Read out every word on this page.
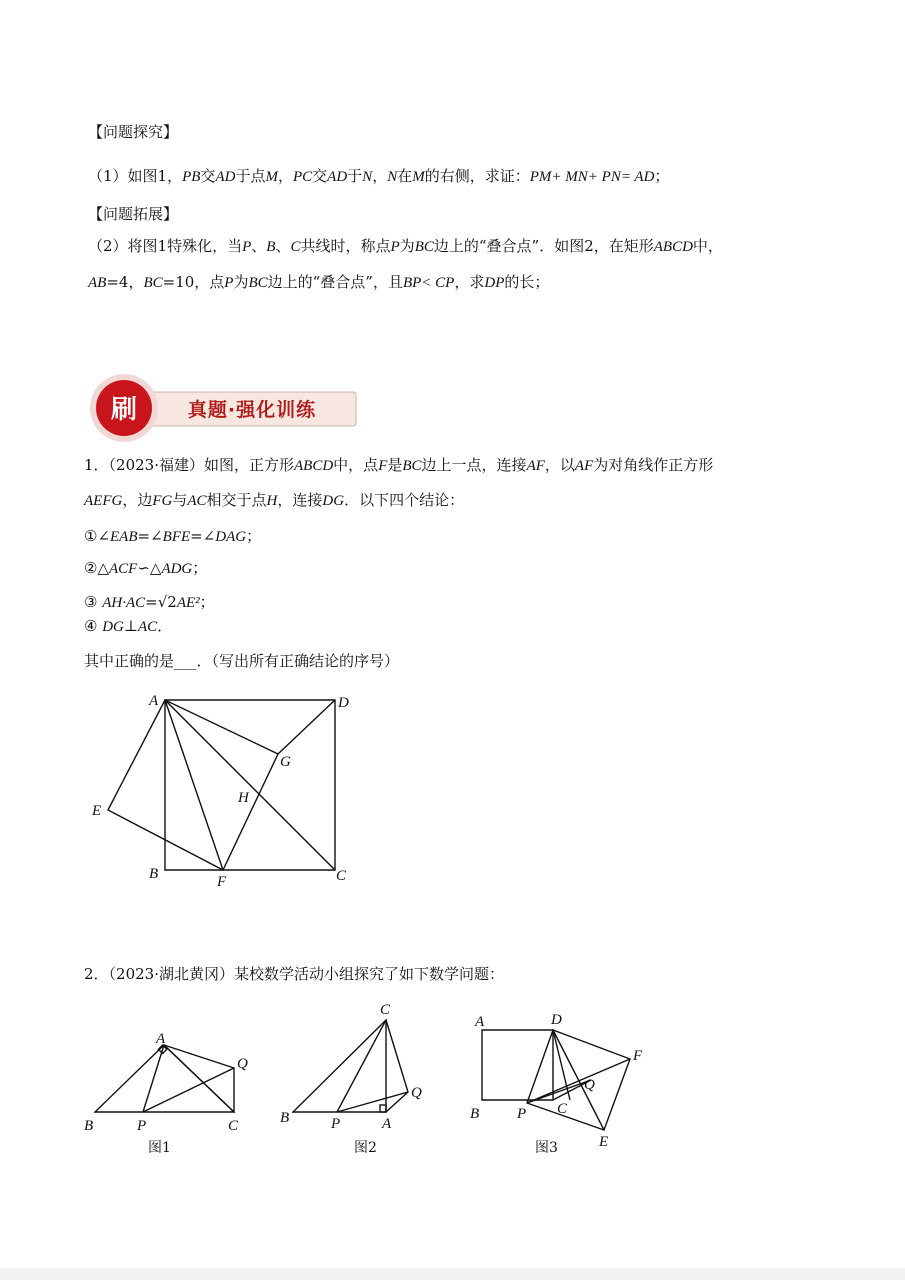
【问题探究】
（1）如图1，PB交AD于点M，PC交AD于N，N在M的右侧，求证：PM+ MN+ PN= AD；
【问题拓展】
（2）将图1特殊化，当P、B、C共线时，称点P为BC边上的“叠合点”．如图2，在矩形ABCD中，
AB=4，BC=10，点P为BC边上的“叠合点”，且BP< CP，求DP的长；
刷	真题·强化训练
1．（2023·福建）如图，正方形ABCD中，点F是BC边上一点，连接AF，以AF为对角线作正方形
AEFG，边FG与AC相交于点H，连接DG．以下四个结论：
①∠EAB=∠BFE=∠DAG；
②△ACF∽△ADG；
③ AH·AC=√2AE²；
④ DG⊥AC．
其中正确的是___．（写出所有正确结论的序号）
A	D
G
H
E
B	F	C
2．（2023·湖北黄冈）某校数学活动小组探究了如下数学问题：
A
Q
B	P	C
图1
C
Q
B	P	A
图2
A	D
F
Q
B	P C
E
图3
